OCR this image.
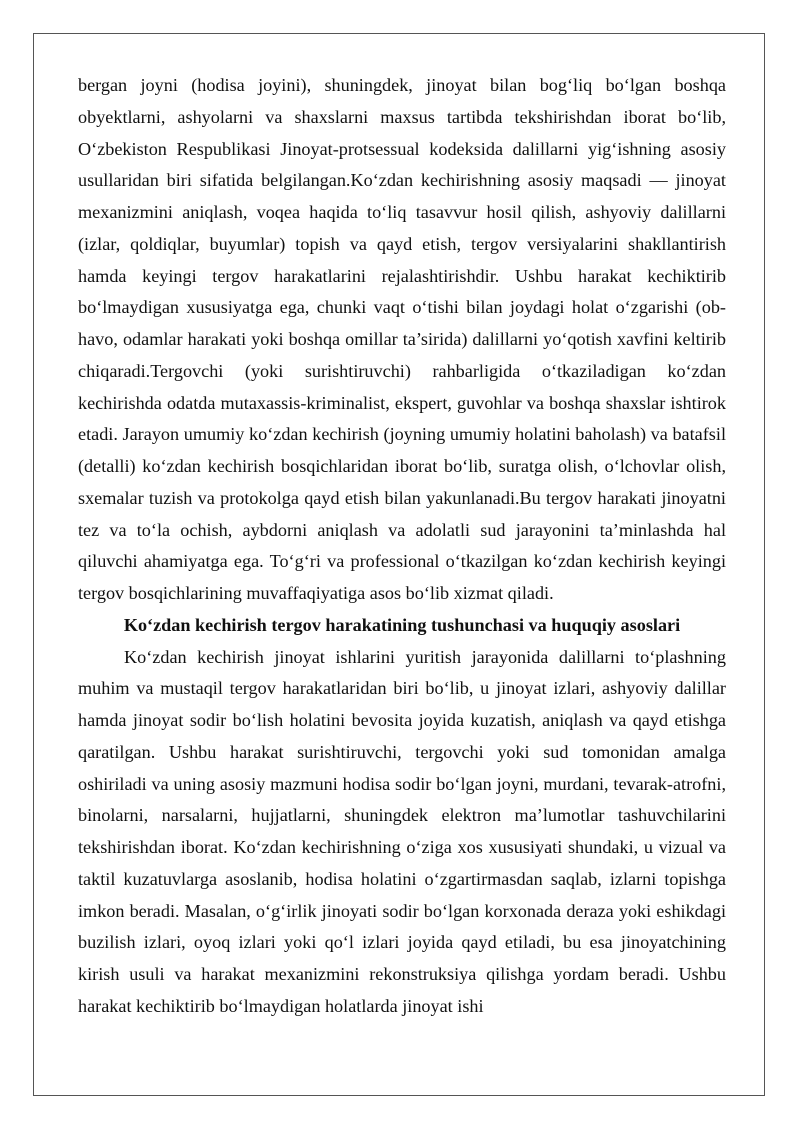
bergan joyni (hodisa joyini), shuningdek, jinoyat bilan bog‘liq bo‘lgan boshqa obyektlarni, ashyolarni va shaxslarni maxsus tartibda tekshirishdan iborat bo‘lib, O‘zbekiston Respublikasi Jinoyat-protsessual kodeksida dalillarni yig‘ishning asosiy usullaridan biri sifatida belgilangan.Ko‘zdan kechirishning asosiy maqsadi — jinoyat mexanizmini aniqlash, voqea haqida to‘liq tasavvur hosil qilish, ashyoviy dalillarni (izlar, qoldiqlar, buyumlar) topish va qayd etish, tergov versiyalarini shakllantirish hamda keyingi tergov harakatlarini rejalashtirishdir. Ushbu harakat kechiktirib bo‘lmaydigan xususiyatga ega, chunki vaqt o‘tishi bilan joydagi holat o‘zgarishi (ob-havo, odamlar harakati yoki boshqa omillar ta’sirida) dalillarni yo‘qotish xavfini keltirib chiqaradi.Tergovchi (yoki surishtiruvchi) rahbarligida o‘tkaziladigan ko‘zdan kechirishda odatda mutaxassis-kriminalist, ekspert, guvohlar va boshqa shaxslar ishtirok etadi. Jarayon umumiy ko‘zdan kechirish (joyning umumiy holatini baholash) va batafsil (detalli) ko‘zdan kechirish bosqichlaridan iborat bo‘lib, suratga olish, o‘lchovlar olish, sxemalar tuzish va protokolga qayd etish bilan yakunlanadi.Bu tergov harakati jinoyatni tez va to‘la ochish, aybdorni aniqlash va adolatli sud jarayonini ta’minlashda hal qiluvchi ahamiyatga ega. To‘g‘ri va professional o‘tkazilgan ko‘zdan kechirish keyingi tergov bosqichlarining muvaffaqiyatiga asos bo‘lib xizmat qiladi.

Ko‘zdan kechirish tergov harakatining tushunchasi va huquqiy asoslari

Ko‘zdan kechirish jinoyat ishlarini yuritish jarayonida dalillarni to‘plashning muhim va mustaqil tergov harakatlaridan biri bo‘lib, u jinoyat izlari, ashyoviy dalillar hamda jinoyat sodir bo‘lish holatini bevosita joyida kuzatish, aniqlash va qayd etishga qaratilgan. Ushbu harakat surishtiruvchi, tergovchi yoki sud tomonidan amalga oshiriladi va uning asosiy mazmuni hodisa sodir bo‘lgan joyni, murdani, tevarak-atrofni, binolarni, narsalarni, hujjatlarni, shuningdek elektron ma’lumotlar tashuvchilarini tekshirishdan iborat. Ko‘zdan kechirishning o‘ziga xos xususiyati shundaki, u vizual va taktil kuzatuvlarga asoslanib, hodisa holatini o‘zgartirmasdan saqlab, izlarni topishga imkon beradi. Masalan, o‘g‘irlik jinoyati sodir bo‘lgan korxonada deraza yoki eshikdagi buzilish izlari, oyoq izlari yoki qo‘l izlari joyida qayd etiladi, bu esa jinoyatchining kirish usuli va harakat mexanizmini rekonstruksiya qilishga yordam beradi. Ushbu harakat kechiktirib bo‘lmaydigan holatlarda jinoyat ishi
